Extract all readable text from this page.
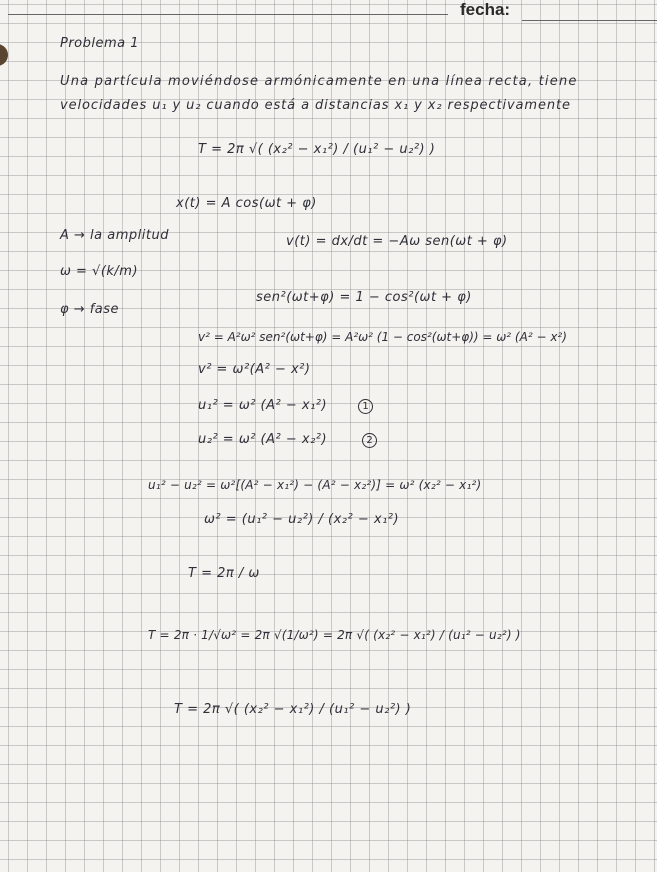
fecha:
Problema 1
Una partícula moviéndose armónicamente en una línea recta, tiene
velocidades u₁ y u₂ cuando está a distancias x₁ y x₂ respectivamente
T = 2π √( (x₂² − x₁²) / (u₁² − u₂²) )
x(t) = A cos(ωt + φ)
A → la amplitud	v(t) = dx/dt = −Aω sen(ωt + φ)
ω = √(k/m)
sen²(ωt+φ) = 1 − cos²(ωt + φ)
φ → fase
v² = A²ω² sen²(ωt+φ) = A²ω² (1 − cos²(ωt+φ)) = ω² (A² − x²)
v² = ω²(A² − x²)
u₁² = ω² (A² − x₁²)	1
u₂² = ω² (A² − x₂²)	2
u₁² − u₂² = ω²[(A² − x₁²) − (A² − x₂²)] = ω² (x₂² − x₁²)
ω² = (u₁² − u₂²) / (x₂² − x₁²)
T = 2π / ω
T = 2π · 1/√ω² = 2π √(1/ω²) = 2π √( (x₂² − x₁²) / (u₁² − u₂²) )
T = 2π √( (x₂² − x₁²) / (u₁² − u₂²) )
